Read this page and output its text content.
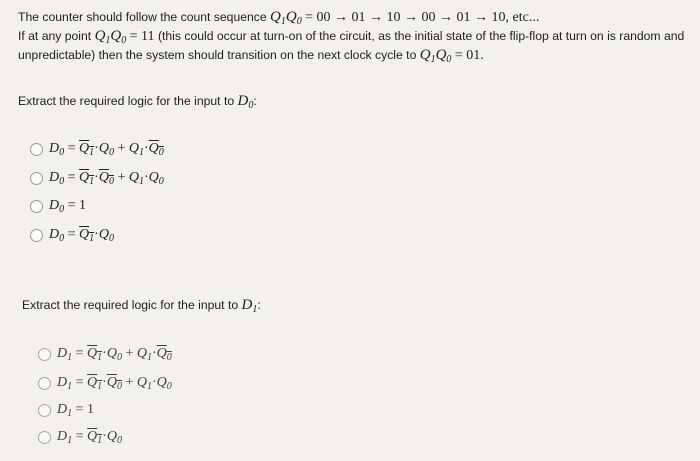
The counter should follow the count sequence $Q_1Q_0 = 00 \to 01 \to 10 \to 00 \to 01 \to 10$, etc...
If at any point $Q_1Q_0 = 11$ (this could occur at turn-on of the circuit, as the initial state of the flip-flop at turn on is random and
unpredictable) then the system should transition on the next clock cycle to $Q_1Q_0 = 01$.
Extract the required logic for the input to $D_0$:
$D_0 = Q_1\cdot Q_0 + Q_1\cdot Q_0$
$D_0 = Q_1\cdot Q_0 + Q_1\cdot Q_0$
$D_0 = 1$
$D_0 = Q_1\cdot Q_0$
Extract the required logic for the input to $D_1$:
$D_1 = Q_1\cdot Q_0 + Q_1\cdot Q_0$
$D_1 = Q_1\cdot Q_0 + Q_1\cdot Q_0$
$D_1 = 1$
$D_1 = Q_1\cdot Q_0$
